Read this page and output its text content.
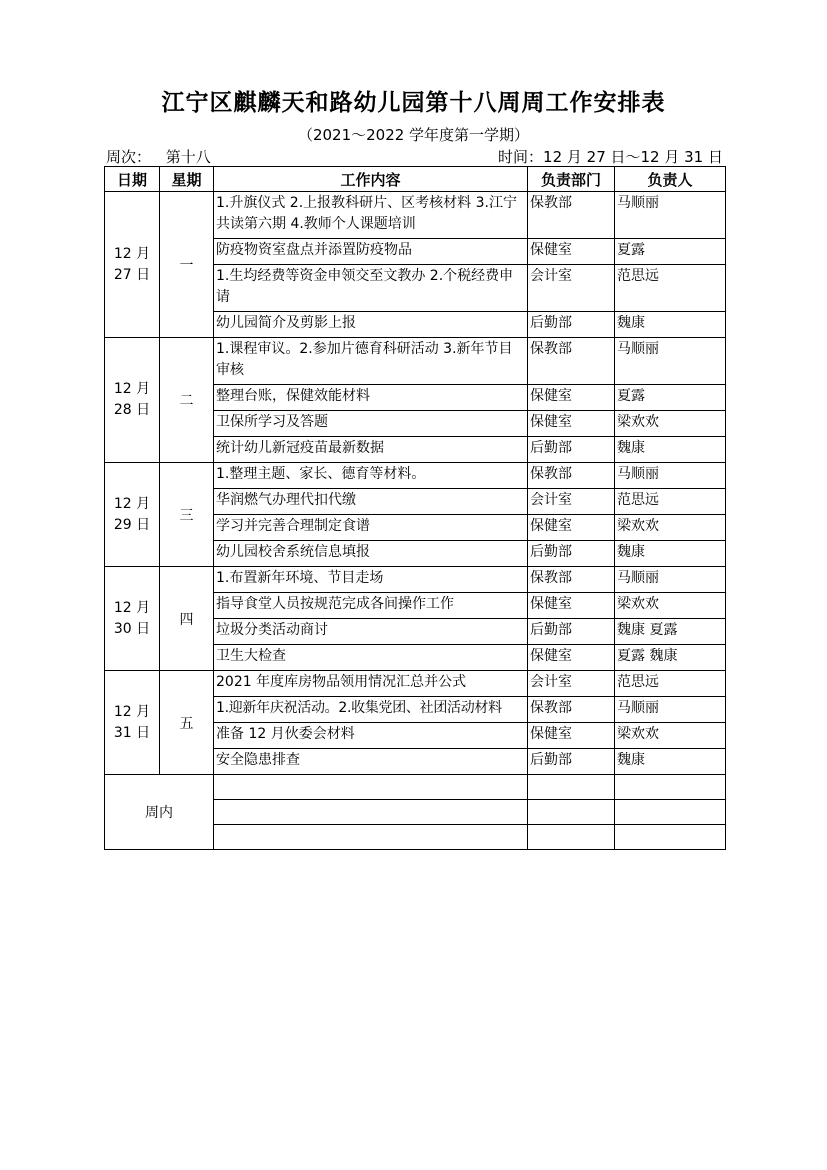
江宁区麒麟天和路幼儿园第十八周周工作安排表
（2021～2022 学年度第一学期）
周次： 第十八	时间：12 月 27 日～12 月 31 日
日期	星期	工作内容	负责部门	负责人

12 月
27 日	一	1.升旗仪式 2.上报教科研片、区考核材料 3.江宁共读第六期 4.教师个人课题培训	保教部	马顺丽
		防疫物资室盘点并添置防疫物品	保健室	夏露
		1.生均经费等资金申领交至文教办 2.个税经费申请	会计室	范思远
		幼儿园简介及剪影上报	后勤部	魏康

12 月
28 日	二	1.课程审议。2.参加片德育科研活动 3.新年节目审核	保教部	马顺丽
		整理台账，保健效能材料	保健室	夏露
		卫保所学习及答题	保健室	梁欢欢
		统计幼儿新冠疫苗最新数据	后勤部	魏康

12 月
29 日	三	1.整理主题、家长、德育等材料。	保教部	马顺丽
		华润燃气办理代扣代缴	会计室	范思远
		学习并完善合理制定食谱	保健室	梁欢欢
		幼儿园校舍系统信息填报	后勤部	魏康

12 月
30 日	四	1.布置新年环境、节目走场	保教部	马顺丽
		指导食堂人员按规范完成各间操作工作	保健室	梁欢欢
		垃圾分类活动商讨	后勤部	魏康 夏露
		卫生大检查	保健室	夏露 魏康

12 月
31 日	五	2021 年度库房物品领用情况汇总并公式	会计室	范思远
		1.迎新年庆祝活动。2.收集党团、社团活动材料	保教部	马顺丽
		准备 12 月伙委会材料	保健室	梁欢欢
		安全隐患排查	后勤部	魏康
周内				
